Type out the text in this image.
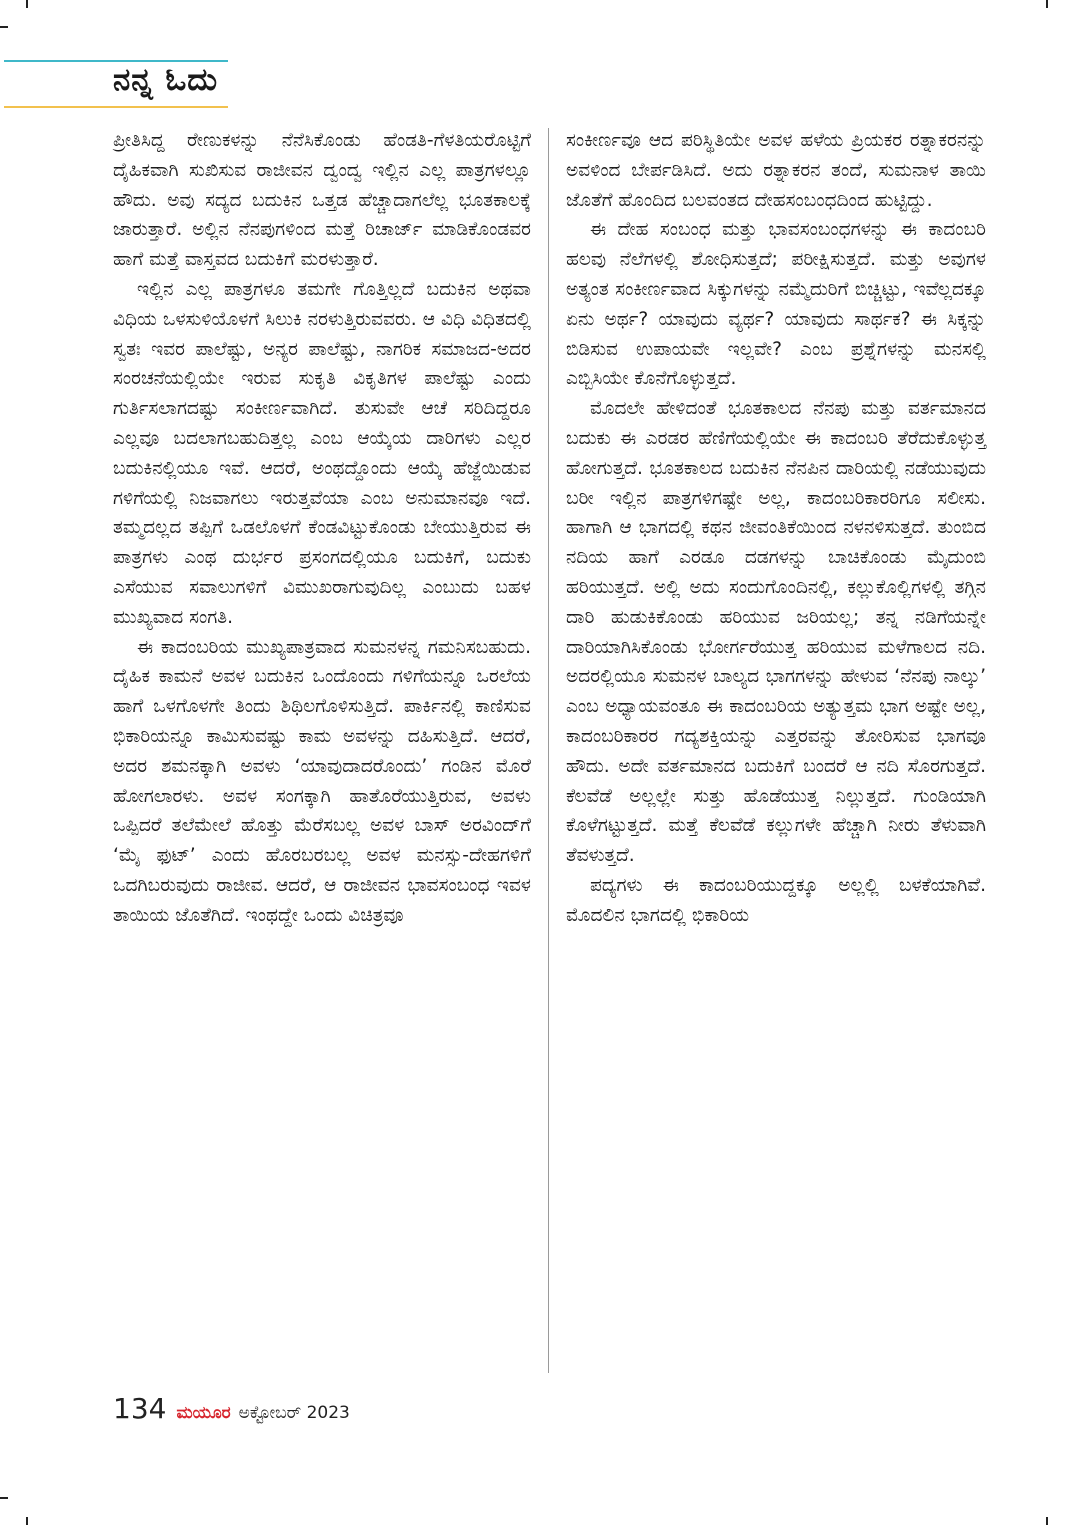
ನನ್ನ ಓದು

ಪ್ರೀತಿಸಿದ್ದ ರೇಣುಕಳನ್ನು ನೆನೆಸಿಕೊಂಡು ಹೆಂಡತಿ-ಗೆಳತಿಯರೊಟ್ಟಿಗೆ ದೈಹಿಕವಾಗಿ ಸುಖಿಸುವ ರಾಜೀವನ ದ್ವಂದ್ವ ಇಲ್ಲಿನ ಎಲ್ಲ ಪಾತ್ರಗಳಲ್ಲೂ ಹೌದು. ಅವು ಸದ್ಯದ ಬದುಕಿನ ಒತ್ತಡ ಹೆಚ್ಚಾದಾಗಲೆಲ್ಲ ಭೂತಕಾಲಕ್ಕೆ ಜಾರುತ್ತಾರೆ. ಅಲ್ಲಿನ ನೆನಪುಗಳಿಂದ ಮತ್ತೆ ರಿಚಾರ್ಜ್ ಮಾಡಿಕೊಂಡವರ ಹಾಗೆ ಮತ್ತೆ ವಾಸ್ತವದ ಬದುಕಿಗೆ ಮರಳುತ್ತಾರೆ.

ಇಲ್ಲಿನ ಎಲ್ಲ ಪಾತ್ರಗಳೂ ತಮಗೇ ಗೊತ್ತಿಲ್ಲದೆ ಬದುಕಿನ ಅಥವಾ ವಿಧಿಯ ಒಳಸುಳಿಯೊಳಗೆ ಸಿಲುಕಿ ನರಳುತ್ತಿರುವವರು. ಆ ವಿಧಿ ವಿಧಿತದಲ್ಲಿ ಸ್ವತಃ ಇವರ ಪಾಲೆಷ್ಟು, ಅನ್ಯರ ಪಾಲೆಷ್ಟು, ನಾಗರಿಕ ಸಮಾಜದ-ಅದರ ಸಂರಚನೆಯಲ್ಲಿಯೇ ಇರುವ ಸುಕೃತಿ ವಿಕೃತಿಗಳ ಪಾಲೆಷ್ಟು ಎಂದು ಗುರ್ತಿಸಲಾಗದಷ್ಟು ಸಂಕೀರ್ಣವಾಗಿದೆ. ತುಸುವೇ ಆಚೆ ಸರಿದಿದ್ದರೂ ಎಲ್ಲವೂ ಬದಲಾಗಬಹುದಿತ್ತಲ್ಲ ಎಂಬ ಆಯ್ಕೆಯ ದಾರಿಗಳು ಎಲ್ಲರ ಬದುಕಿನಲ್ಲಿಯೂ ಇವೆ. ಆದರೆ, ಅಂಥದ್ದೊಂದು ಆಯ್ಕೆ ಹೆಜ್ಜೆಯಿಡುವ ಗಳಿಗೆಯಲ್ಲಿ ನಿಜವಾಗಲು ಇರುತ್ತವೆಯಾ ಎಂಬ ಅನುಮಾನವೂ ಇದೆ. ತಮ್ಮದಲ್ಲದ ತಪ್ಪಿಗೆ ಒಡಲೊಳಗೆ ಕೆಂಡವಿಟ್ಟುಕೊಂಡು ಬೇಯುತ್ತಿರುವ ಈ ಪಾತ್ರಗಳು ಎಂಥ ದುರ್ಭರ ಪ್ರಸಂಗದಲ್ಲಿಯೂ ಬದುಕಿಗೆ, ಬದುಕು ಎಸೆಯುವ ಸವಾಲುಗಳಿಗೆ ವಿಮುಖರಾಗುವುದಿಲ್ಲ ಎಂಬುದು ಬಹಳ ಮುಖ್ಯವಾದ ಸಂಗತಿ.

ಈ ಕಾದಂಬರಿಯ ಮುಖ್ಯಪಾತ್ರವಾದ ಸುಮನಳನ್ನ ಗಮನಿಸಬಹುದು. ದೈಹಿಕ ಕಾಮನೆ ಅವಳ ಬದುಕಿನ ಒಂದೊಂದು ಗಳಿಗೆಯನ್ನೂ ಒರಲೆಯ ಹಾಗೆ ಒಳಗೊಳಗೇ ತಿಂದು ಶಿಥಿಲಗೊಳಿಸುತ್ತಿದೆ. ಪಾರ್ಕಿನಲ್ಲಿ ಕಾಣಿಸುವ ಭಿಕಾರಿಯನ್ನೂ ಕಾಮಿಸುವಷ್ಟು ಕಾಮ ಅವಳನ್ನು ದಹಿಸುತ್ತಿದೆ. ಆದರೆ, ಅದರ ಶಮನಕ್ಕಾಗಿ ಅವಳು ‘ಯಾವುದಾದರೊಂದು’ ಗಂಡಿನ ಮೊರೆ ಹೋಗಲಾರಳು. ಅವಳ ಸಂಗಕ್ಕಾಗಿ ಹಾತೊರೆಯುತ್ತಿರುವ, ಅವಳು ಒಪ್ಪಿದರೆ ತಲೆಮೇಲೆ ಹೊತ್ತು ಮೆರೆಸಬಲ್ಲ ಅವಳ ಬಾಸ್ ಅರವಿಂದ್‌ಗೆ ‘ಮೈ ಫುಟ್’ ಎಂದು ಹೊರಬರಬಲ್ಲ ಅವಳ ಮನಸ್ಸು-ದೇಹಗಳಿಗೆ ಒದಗಿಬರುವುದು ರಾಜೀವ. ಆದರೆ, ಆ ರಾಜೀವನ ಭಾವಸಂಬಂಧ ಇವಳ ತಾಯಿಯ ಜೊತೆಗಿದೆ. ಇಂಥದ್ದೇ ಒಂದು ವಿಚಿತ್ರವೂ

ಸಂಕೀರ್ಣವೂ ಆದ ಪರಿಸ್ಥಿತಿಯೇ ಅವಳ ಹಳೆಯ ಪ್ರಿಯಕರ ರತ್ನಾಕರನನ್ನು ಅವಳಿಂದ ಬೇರ್ಪಡಿಸಿದೆ. ಅದು ರತ್ನಾಕರನ ತಂದೆ, ಸುಮನಾಳ ತಾಯಿ ಜೊತೆಗೆ ಹೊಂದಿದ ಬಲವಂತದ ದೇಹಸಂಬಂಧದಿಂದ ಹುಟ್ಟಿದ್ದು.

ಈ ದೇಹ ಸಂಬಂಧ ಮತ್ತು ಭಾವಸಂಬಂಧಗಳನ್ನು ಈ ಕಾದಂಬರಿ ಹಲವು ನೆಲೆಗಳಲ್ಲಿ ಶೋಧಿಸುತ್ತದೆ; ಪರೀಕ್ಷಿಸುತ್ತದೆ. ಮತ್ತು ಅವುಗಳ ಅತ್ಯಂತ ಸಂಕೀರ್ಣವಾದ ಸಿಕ್ಕುಗಳನ್ನು ನಮ್ಮೆದುರಿಗೆ ಬಿಚ್ಚಿಟ್ಟು, ಇವೆಲ್ಲದಕ್ಕೂ ಏನು ಅರ್ಥ? ಯಾವುದು ವ್ಯರ್ಥ? ಯಾವುದು ಸಾರ್ಥಕ? ಈ ಸಿಕ್ಕನ್ನು ಬಿಡಿಸುವ ಉಪಾಯವೇ ಇಲ್ಲವೇ? ಎಂಬ ಪ್ರಶ್ನೆಗಳನ್ನು ಮನಸಲ್ಲಿ ಎಬ್ಬಿಸಿಯೇ ಕೊನೆಗೊಳ್ಳುತ್ತದೆ.

ಮೊದಲೇ ಹೇಳಿದಂತೆ ಭೂತಕಾಲದ ನೆನಪು ಮತ್ತು ವರ್ತಮಾನದ ಬದುಕು ಈ ಎರಡರ ಹೆಣಿಗೆಯಲ್ಲಿಯೇ ಈ ಕಾದಂಬರಿ ತೆರೆದುಕೊಳ್ಳುತ್ತ ಹೋಗುತ್ತದೆ. ಭೂತಕಾಲದ ಬದುಕಿನ ನೆನಪಿನ ದಾರಿಯಲ್ಲಿ ನಡೆಯುವುದು ಬರೀ ಇಲ್ಲಿನ ಪಾತ್ರಗಳಿಗಷ್ಟೇ ಅಲ್ಲ, ಕಾದಂಬರಿಕಾರರಿಗೂ ಸಲೀಸು. ಹಾಗಾಗಿ ಆ ಭಾಗದಲ್ಲಿ ಕಥನ ಜೀವಂತಿಕೆಯಿಂದ ನಳನಳಿಸುತ್ತದೆ. ತುಂಬಿದ ನದಿಯ ಹಾಗೆ ಎರಡೂ ದಡಗಳನ್ನು ಬಾಚಿಕೊಂಡು ಮೈದುಂಬಿ ಹರಿಯುತ್ತದೆ. ಅಲ್ಲಿ ಅದು ಸಂದುಗೊಂದಿನಲ್ಲಿ, ಕಲ್ಲುಕೊಲ್ಲಿಗಳಲ್ಲಿ ತಗ್ಗಿನ ದಾರಿ ಹುಡುಕಿಕೊಂಡು ಹರಿಯುವ ಜರಿಯಲ್ಲ; ತನ್ನ ನಡಿಗೆಯನ್ನೇ ದಾರಿಯಾಗಿಸಿಕೊಂಡು ಭೋರ್ಗರೆಯುತ್ತ ಹರಿಯುವ ಮಳೆಗಾಲದ ನದಿ. ಅದರಲ್ಲಿಯೂ ಸುಮನಳ ಬಾಲ್ಯದ ಭಾಗಗಳನ್ನು ಹೇಳುವ ‘ನೆನಪು ನಾಲ್ಕು’ ಎಂಬ ಅಧ್ಯಾಯವಂತೂ ಈ ಕಾದಂಬರಿಯ ಅತ್ಯುತ್ತಮ ಭಾಗ ಅಷ್ಟೇ ಅಲ್ಲ, ಕಾದಂಬರಿಕಾರರ ಗದ್ಯಶಕ್ತಿಯನ್ನು ಎತ್ತರವನ್ನು ತೋರಿಸುವ ಭಾಗವೂ ಹೌದು. ಅದೇ ವರ್ತಮಾನದ ಬದುಕಿಗೆ ಬಂದರೆ ಆ ನದಿ ಸೊರಗುತ್ತದೆ. ಕೆಲವೆಡೆ ಅಲ್ಲಲ್ಲೇ ಸುತ್ತು ಹೊಡೆಯುತ್ತ ನಿಲ್ಲುತ್ತದೆ. ಗುಂಡಿಯಾಗಿ ಕೊಳೆಗಟ್ಟುತ್ತದೆ. ಮತ್ತೆ ಕೆಲವೆಡೆ ಕಲ್ಲುಗಳೇ ಹೆಚ್ಚಾಗಿ ನೀರು ತೆಳುವಾಗಿ ತೆವಳುತ್ತದೆ.

ಪದ್ಯಗಳು ಈ ಕಾದಂಬರಿಯುದ್ದಕ್ಕೂ ಅಲ್ಲಲ್ಲಿ ಬಳಕೆಯಾಗಿವೆ. ಮೊದಲಿನ ಭಾಗದಲ್ಲಿ ಭಿಕಾರಿಯ

134 ಮಯೂರ ಅಕ್ಟೋಬರ್ 2023
